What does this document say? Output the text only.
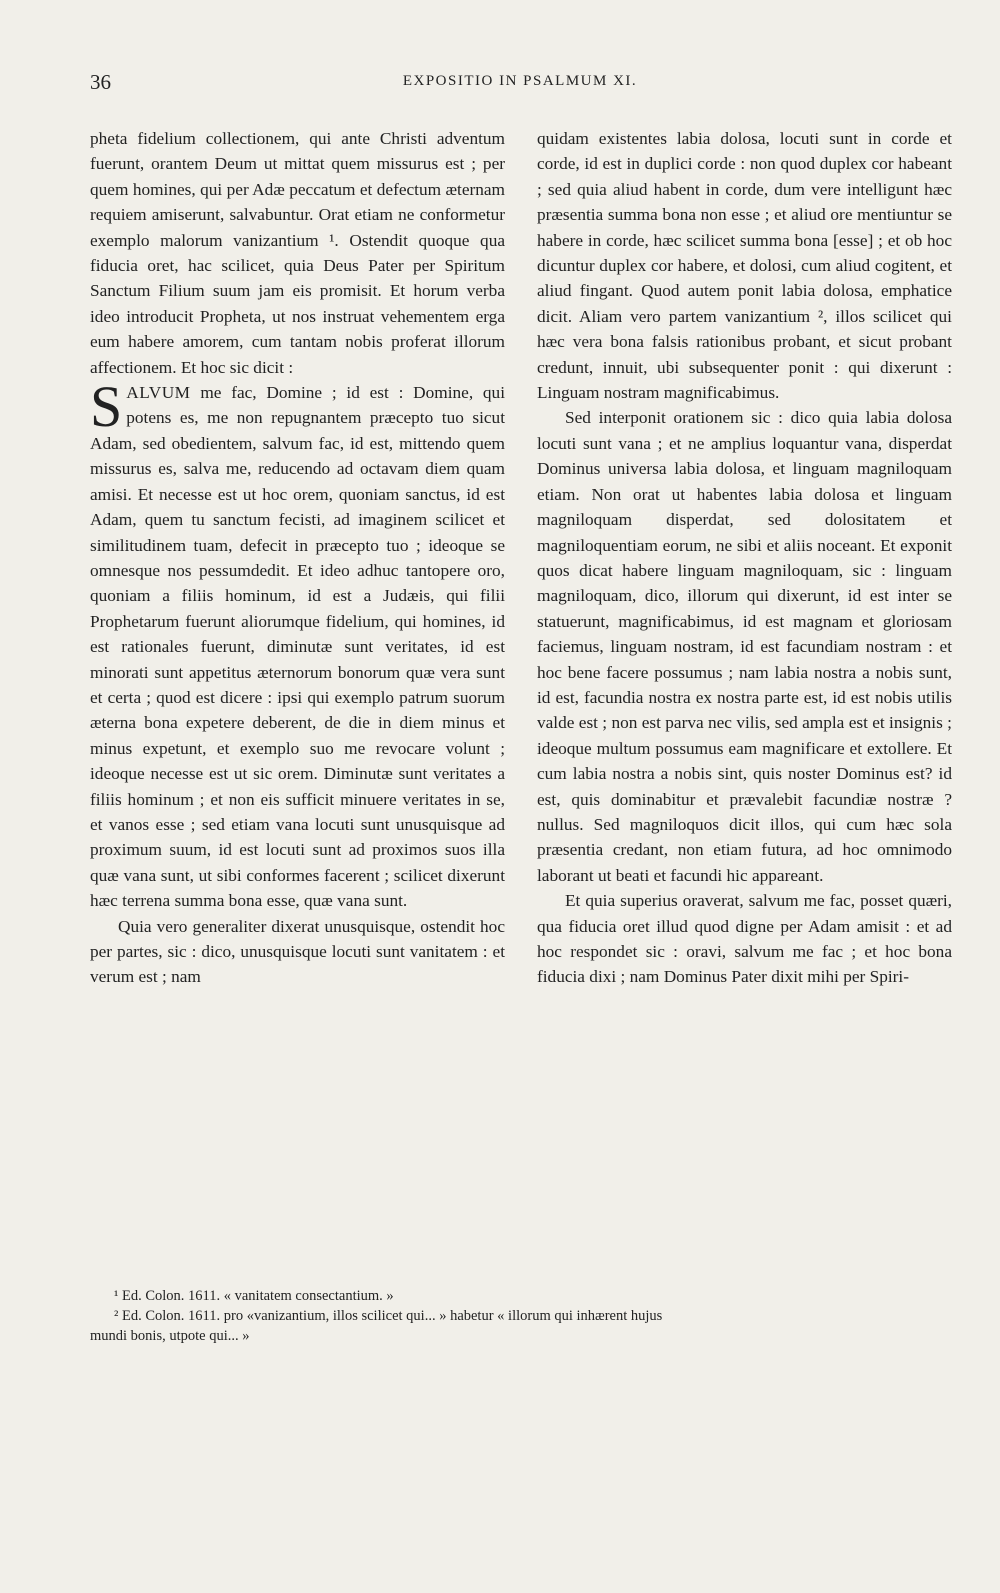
36	EXPOSITIO IN PSALMUM XI.

pheta fidelium collectionem, qui ante Christi adventum fuerunt, orantem Deum ut mittat quem missurus est ; per quem homines, qui per Adæ peccatum et defectum æternam requiem amiserunt, salvabuntur. Orat etiam ne conformetur exemplo malorum vanizantium ¹. Ostendit quoque qua fiducia oret, hac scilicet, quia Deus Pater per Spiritum Sanctum Filium suum jam eis promisit. Et horum verba ideo introducit Propheta, ut nos instruat vehementem erga eum habere amorem, cum tantam nobis proferat illorum affectionem. Et hoc sic dicit :

SALVUM me fac, Domine ; id est : Domine, qui potens es, me non repugnantem præcepto tuo sicut Adam, sed obedientem, salvum fac, id est, mittendo quem missurus es, salva me, reducendo ad octavam diem quam amisi. Et necesse est ut hoc orem, quoniam sanctus, id est Adam, quem tu sanctum fecisti, ad imaginem scilicet et similitudinem tuam, defecit in præcepto tuo ; ideoque se omnesque nos pessumdedit. Et ideo adhuc tantopere oro, quoniam a filiis hominum, id est a Judæis, qui filii Prophetarum fuerunt aliorumque fidelium, qui homines, id est rationales fuerunt, diminutæ sunt veritates, id est minorati sunt appetitus æternorum bonorum quæ vera sunt et certa ; quod est dicere : ipsi qui exemplo patrum suorum æterna bona expetere deberent, de die in diem minus et minus expetunt, et exemplo suo me revocare volunt ; ideoque necesse est ut sic orem. Diminutæ sunt veritates a filiis hominum ; et non eis sufficit minuere veritates in se, et vanos esse ; sed etiam vana locuti sunt unusquisque ad proximum suum, id est locuti sunt ad proximos suos illa quæ vana sunt, ut sibi conformes facerent ; scilicet dixerunt hæc terrena summa bona esse, quæ vana sunt.

Quia vero generaliter dixerat unusquisque, ostendit hoc per partes, sic : dico, unusquisque locuti sunt vanitatem : et verum est ; nam

quidam existentes labia dolosa, locuti sunt in corde et corde, id est in duplici corde : non quod duplex cor habeant ; sed quia aliud habent in corde, dum vere intelligunt hæc præsentia summa bona non esse ; et aliud ore mentiuntur se habere in corde, hæc scilicet summa bona [esse] ; et ob hoc dicuntur duplex cor habere, et dolosi, cum aliud cogitent, et aliud fingant. Quod autem ponit labia dolosa, emphatice dicit. Aliam vero partem vanizantium ², illos scilicet qui hæc vera bona falsis rationibus probant, et sicut probant credunt, innuit, ubi subsequenter ponit : qui dixerunt : Linguam nostram magnificabimus.

Sed interponit orationem sic : dico quia labia dolosa locuti sunt vana ; et ne amplius loquantur vana, disperdat Dominus universa labia dolosa, et linguam magniloquam etiam. Non orat ut habentes labia dolosa et linguam magniloquam disperdat, sed dolositatem et magniloquentiam eorum, ne sibi et aliis noceant. Et exponit quos dicat habere linguam magniloquam, sic : linguam magniloquam, dico, illorum qui dixerunt, id est inter se statuerunt, magnificabimus, id est magnam et gloriosam faciemus, linguam nostram, id est facundiam nostram : et hoc bene facere possumus ; nam labia nostra a nobis sunt, id est, facundia nostra ex nostra parte est, id est nobis utilis valde est ; non est parva nec vilis, sed ampla est et insignis ; ideoque multum possumus eam magnificare et extollere. Et cum labia nostra a nobis sint, quis noster Dominus est? id est, quis dominabitur et prævalebit facundiæ nostræ ? nullus. Sed magniloquos dicit illos, qui cum hæc sola præsentia credant, non etiam futura, ad hoc omnimodo laborant ut beati et facundi hic appareant.

Et quia superius oraverat, salvum me fac, posset quæri, qua fiducia oret illud quod digne per Adam amisit : et ad hoc respondet sic : oravi, salvum me fac ; et hoc bona fiducia dixi ; nam Dominus Pater dixit mihi per Spiri-

¹ Ed. Colon. 1611. « vanitatem consectantium. »

² Ed. Colon. 1611. pro «vanizantium, illos scilicet qui... » habetur « illorum qui inhærent hujus

mundi bonis, utpote qui... »
